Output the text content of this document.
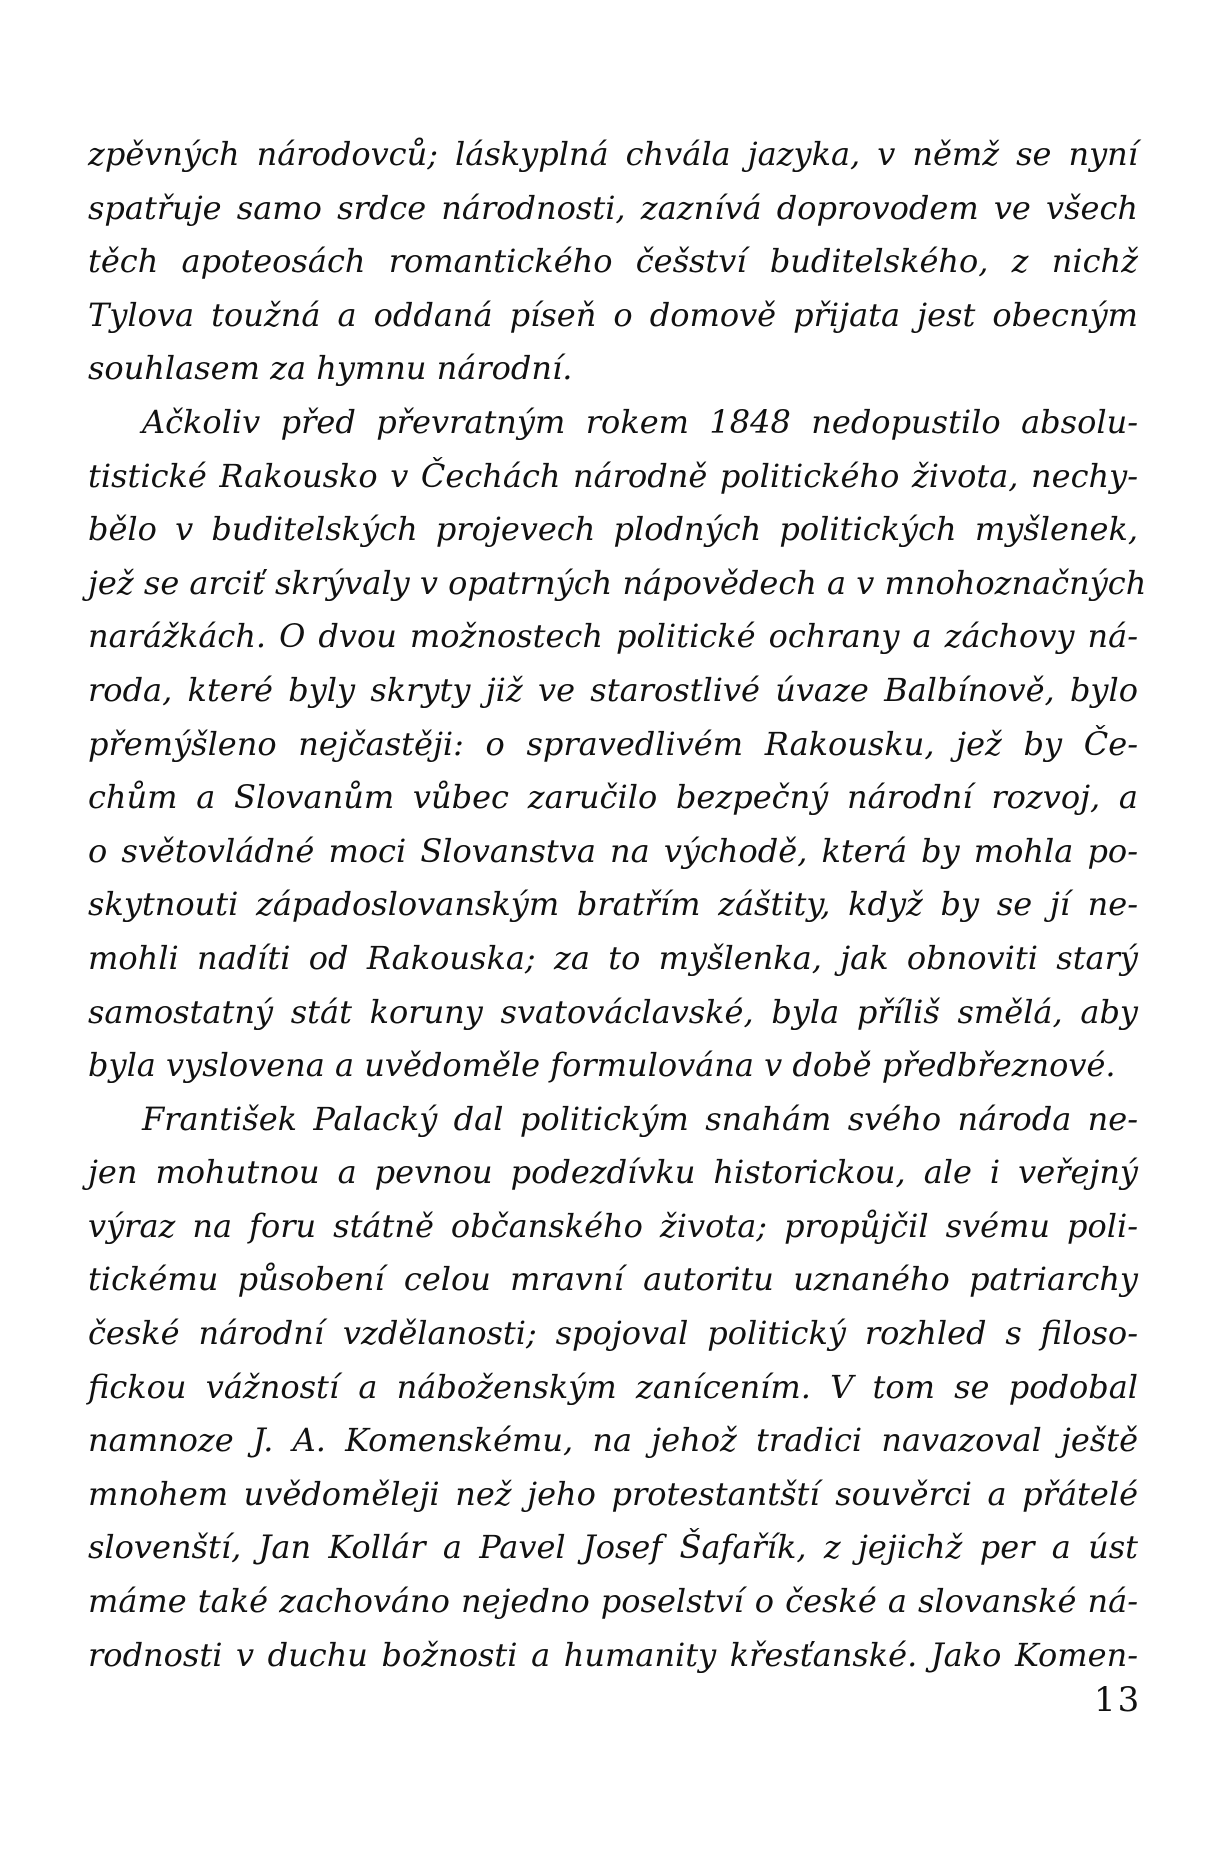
zpěvných národovců; láskyplná chvála jazyka, v němž se nyní
spatřuje samo srdce národnosti, zaznívá doprovodem ve všech
těch apoteosách romantického češství buditelského, z nichž
Tylova toužná a oddaná píseň o domově přijata jest obecným
souhlasem za hymnu národní.
Ačkoliv před převratným rokem 1848 nedopustilo absolu-
tistické Rakousko v Čechách národně politického života, nechy-
bělo v buditelských projevech plodných politických myšlenek,
jež se arciť skrývaly v opatrných nápovědech a v mnohoznačných
narážkách. O dvou možnostech politické ochrany a záchovy ná-
roda, které byly skryty již ve starostlivé úvaze Balbínově, bylo
přemýšleno nejčastěji: o spravedlivém Rakousku, jež by Če-
chům a Slovanům vůbec zaručilo bezpečný národní rozvoj, a
o světovládné moci Slovanstva na východě, která by mohla po-
skytnouti západoslovanským bratřím záštity, když by se jí ne-
mohli nadíti od Rakouska; za to myšlenka, jak obnoviti starý
samostatný stát koruny svatováclavské, byla příliš smělá, aby
byla vyslovena a uvědoměle formulována v době předbřeznové.
František Palacký dal politickým snahám svého národa ne-
jen mohutnou a pevnou podezdívku historickou, ale i veřejný
výraz na foru státně občanského života; propůjčil svému poli-
tickému působení celou mravní autoritu uznaného patriarchy
české národní vzdělanosti; spojoval politický rozhled s filoso-
fickou vážností a náboženským zanícením. V tom se podobal
namnoze J. A. Komenskému, na jehož tradici navazoval ještě
mnohem uvědoměleji než jeho protestantští souvěrci a přátelé
slovenští, Jan Kollár a Pavel Josef Šafařík, z jejichž per a úst
máme také zachováno nejedno poselství o české a slovanské ná-
rodnosti v duchu božnosti a humanity křesťanské. Jako Komen-
13
